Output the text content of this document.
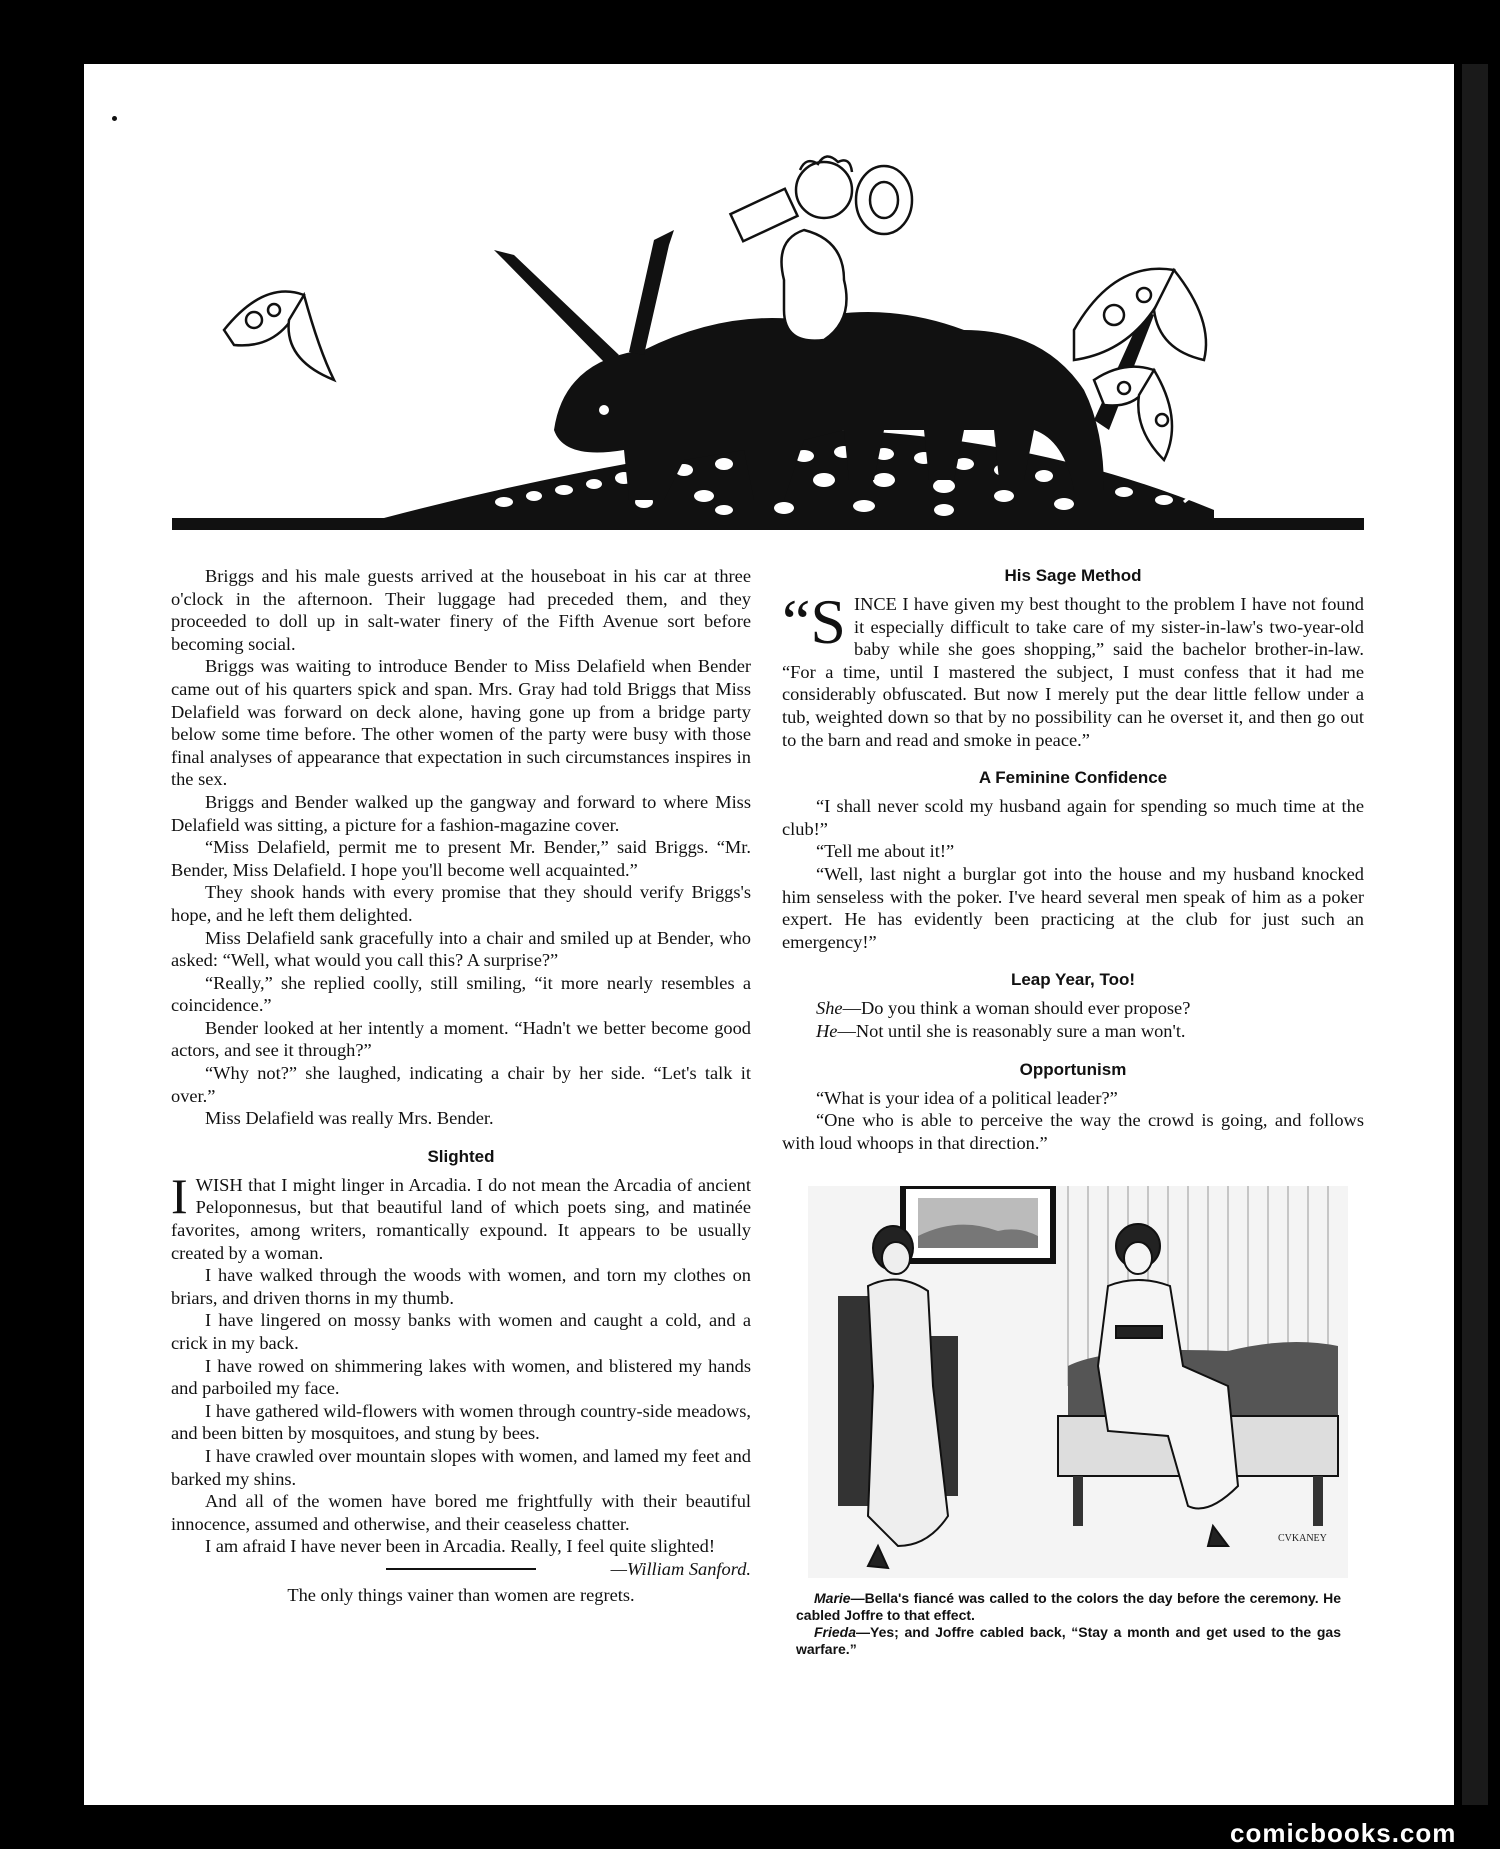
Briggs and his male guests arrived at the houseboat in his car at three o'clock in the afternoon. Their luggage had preceded them, and they proceeded to doll up in salt-water finery of the Fifth Avenue sort before becoming social.

Briggs was waiting to introduce Bender to Miss Delafield when Bender came out of his quarters spick and span. Mrs. Gray had told Briggs that Miss Delafield was forward on deck alone, having gone up from a bridge party below some time before. The other women of the party were busy with those final analyses of appearance that expectation in such circumstances inspires in the sex.

Briggs and Bender walked up the gangway and forward to where Miss Delafield was sitting, a picture for a fashion-magazine cover.

“Miss Delafield, permit me to present Mr. Bender,” said Briggs. “Mr. Bender, Miss Delafield. I hope you'll become well acquainted.”

They shook hands with every promise that they should verify Briggs's hope, and he left them delighted.

Miss Delafield sank gracefully into a chair and smiled up at Bender, who asked: “Well, what would you call this? A surprise?”

“Really,” she replied coolly, still smiling, “it more nearly resembles a coincidence.”

Bender looked at her intently a moment. “Hadn't we better become good actors, and see it through?”

“Why not?” she laughed, indicating a chair by her side. “Let's talk it over.”

Miss Delafield was really Mrs. Bender.

Slighted

IWISH that I might linger in Arcadia. I do not mean the Arcadia of ancient Peloponnesus, but that beautiful land of which poets sing, and matinée favorites, among writers, romantically expound. It appears to be usually created by a woman.

I have walked through the woods with women, and torn my clothes on briars, and driven thorns in my thumb.

I have lingered on mossy banks with women and caught a cold, and a crick in my back.

I have rowed on shimmering lakes with women, and blistered my hands and parboiled my face.

I have gathered wild-flowers with women through country-side meadows, and been bitten by mosquitoes, and stung by bees.

I have crawled over mountain slopes with women, and lamed my feet and barked my shins.

And all of the women have bored me frightfully with their beautiful innocence, assumed and otherwise, and their ceaseless chatter.

I am afraid I have never been in Arcadia. Really, I feel quite slighted!
—William Sanford.

The only things vainer than women are regrets.

His Sage Method

“SINCE I have given my best thought to the problem I have not found it especially difficult to take care of my sister-in-law's two-year-old baby while she goes shopping,” said the bachelor brother-in-law. “For a time, until I mastered the subject, I must confess that it had me considerably obfuscated. But now I merely put the dear little fellow under a tub, weighted down so that by no possibility can he overset it, and then go out to the barn and read and smoke in peace.”

A Feminine Confidence

“I shall never scold my husband again for spending so much time at the club!”

“Tell me about it!”

“Well, last night a burglar got into the house and my husband knocked him senseless with the poker. I've heard several men speak of him as a poker expert. He has evidently been practicing at the club for just such an emergency!”

Leap Year, Too!

She—Do you think a woman should ever propose?

He—Not until she is reasonably sure a man won't.

Opportunism

“What is your idea of a political leader?”

“One who is able to perceive the way the crowd is going, and follows with loud whoops in that direction.”

CVKANEY

Marie—Bella's fiancé was called to the colors the day before the ceremony. He cabled Joffre to that effect.

Frieda—Yes; and Joffre cabled back, “Stay a month and get used to the gas warfare.”

comicbooks.com
